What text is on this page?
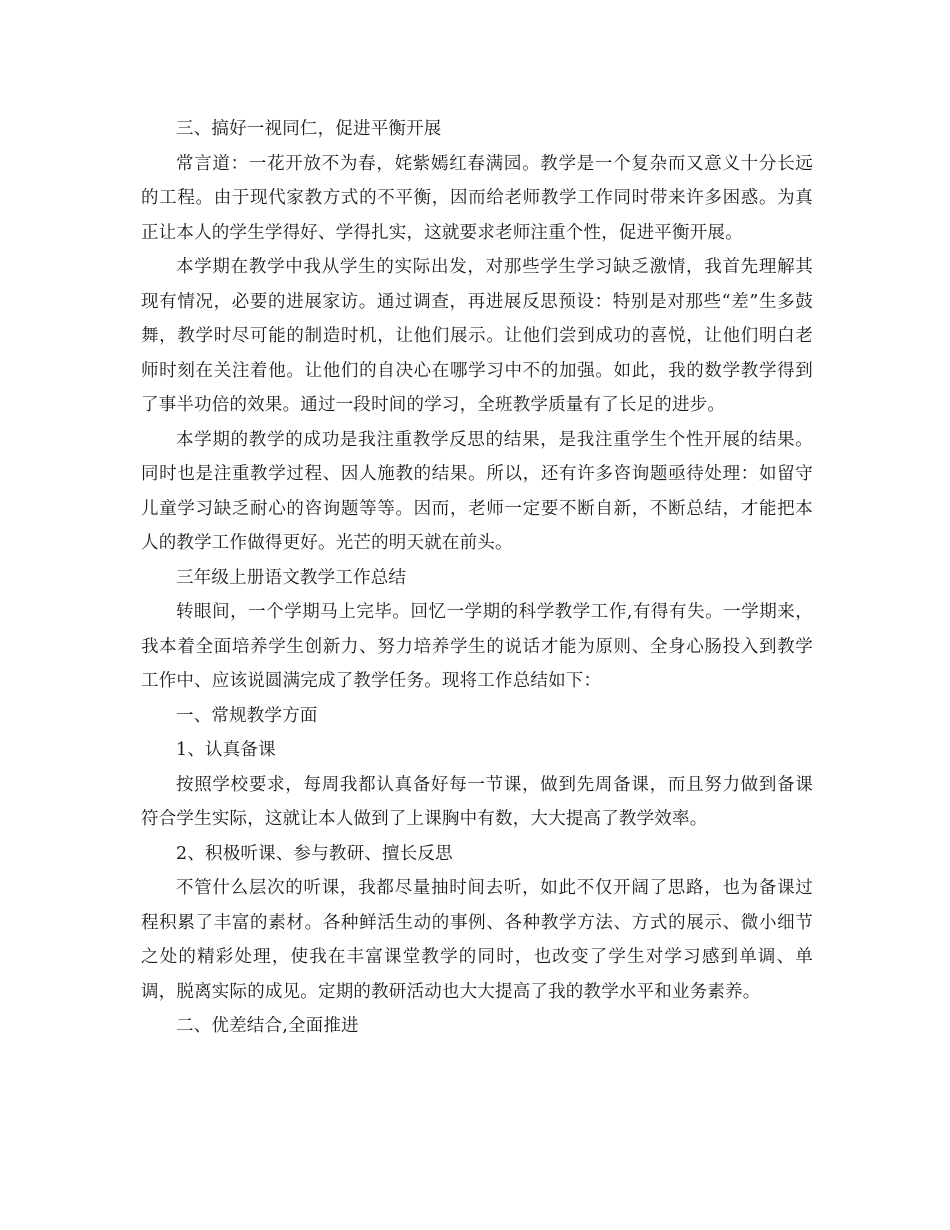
三、搞好一视同仁，促进平衡开展

常言道：一花开放不为春，姹紫嫣红春满园。教学是一个复杂而又意义十分长远的工程。由于现代家教方式的不平衡，因而给老师教学工作同时带来许多困惑。为真正让本人的学生学得好、学得扎实，这就要求老师注重个性，促进平衡开展。

本学期在教学中我从学生的实际出发，对那些学生学习缺乏激情，我首先理解其现有情况，必要的进展家访。通过调查，再进展反思预设：特别是对那些“差”生多鼓舞，教学时尽可能的制造时机，让他们展示。让他们尝到成功的喜悦，让他们明白老师时刻在关注着他。让他们的自决心在哪学习中不的加强。如此，我的数学教学得到了事半功倍的效果。通过一段时间的学习，全班教学质量有了长足的进步。

本学期的教学的成功是我注重教学反思的结果，是我注重学生个性开展的结果。同时也是注重教学过程、因人施教的结果。所以，还有许多咨询题亟待处理：如留守儿童学习缺乏耐心的咨询题等等。因而，老师一定要不断自新，不断总结，才能把本人的教学工作做得更好。光芒的明天就在前头。

三年级上册语文教学工作总结

转眼间，一个学期马上完毕。回忆一学期的科学教学工作,有得有失。一学期来，我本着全面培养学生创新力、努力培养学生的说话才能为原则、全身心肠投入到教学工作中、应该说圆满完成了教学任务。现将工作总结如下：

一、常规教学方面

1、认真备课

按照学校要求，每周我都认真备好每一节课，做到先周备课，而且努力做到备课符合学生实际，这就让本人做到了上课胸中有数，大大提高了教学效率。

2、积极听课、参与教研、擅长反思

不管什么层次的听课，我都尽量抽时间去听，如此不仅开阔了思路，也为备课过程积累了丰富的素材。各种鲜活生动的事例、各种教学方法、方式的展示、微小细节之处的精彩处理，使我在丰富课堂教学的同时，也改变了学生对学习感到单调、单调，脱离实际的成见。定期的教研活动也大大提高了我的教学水平和业务素养。

二、优差结合,全面推进
